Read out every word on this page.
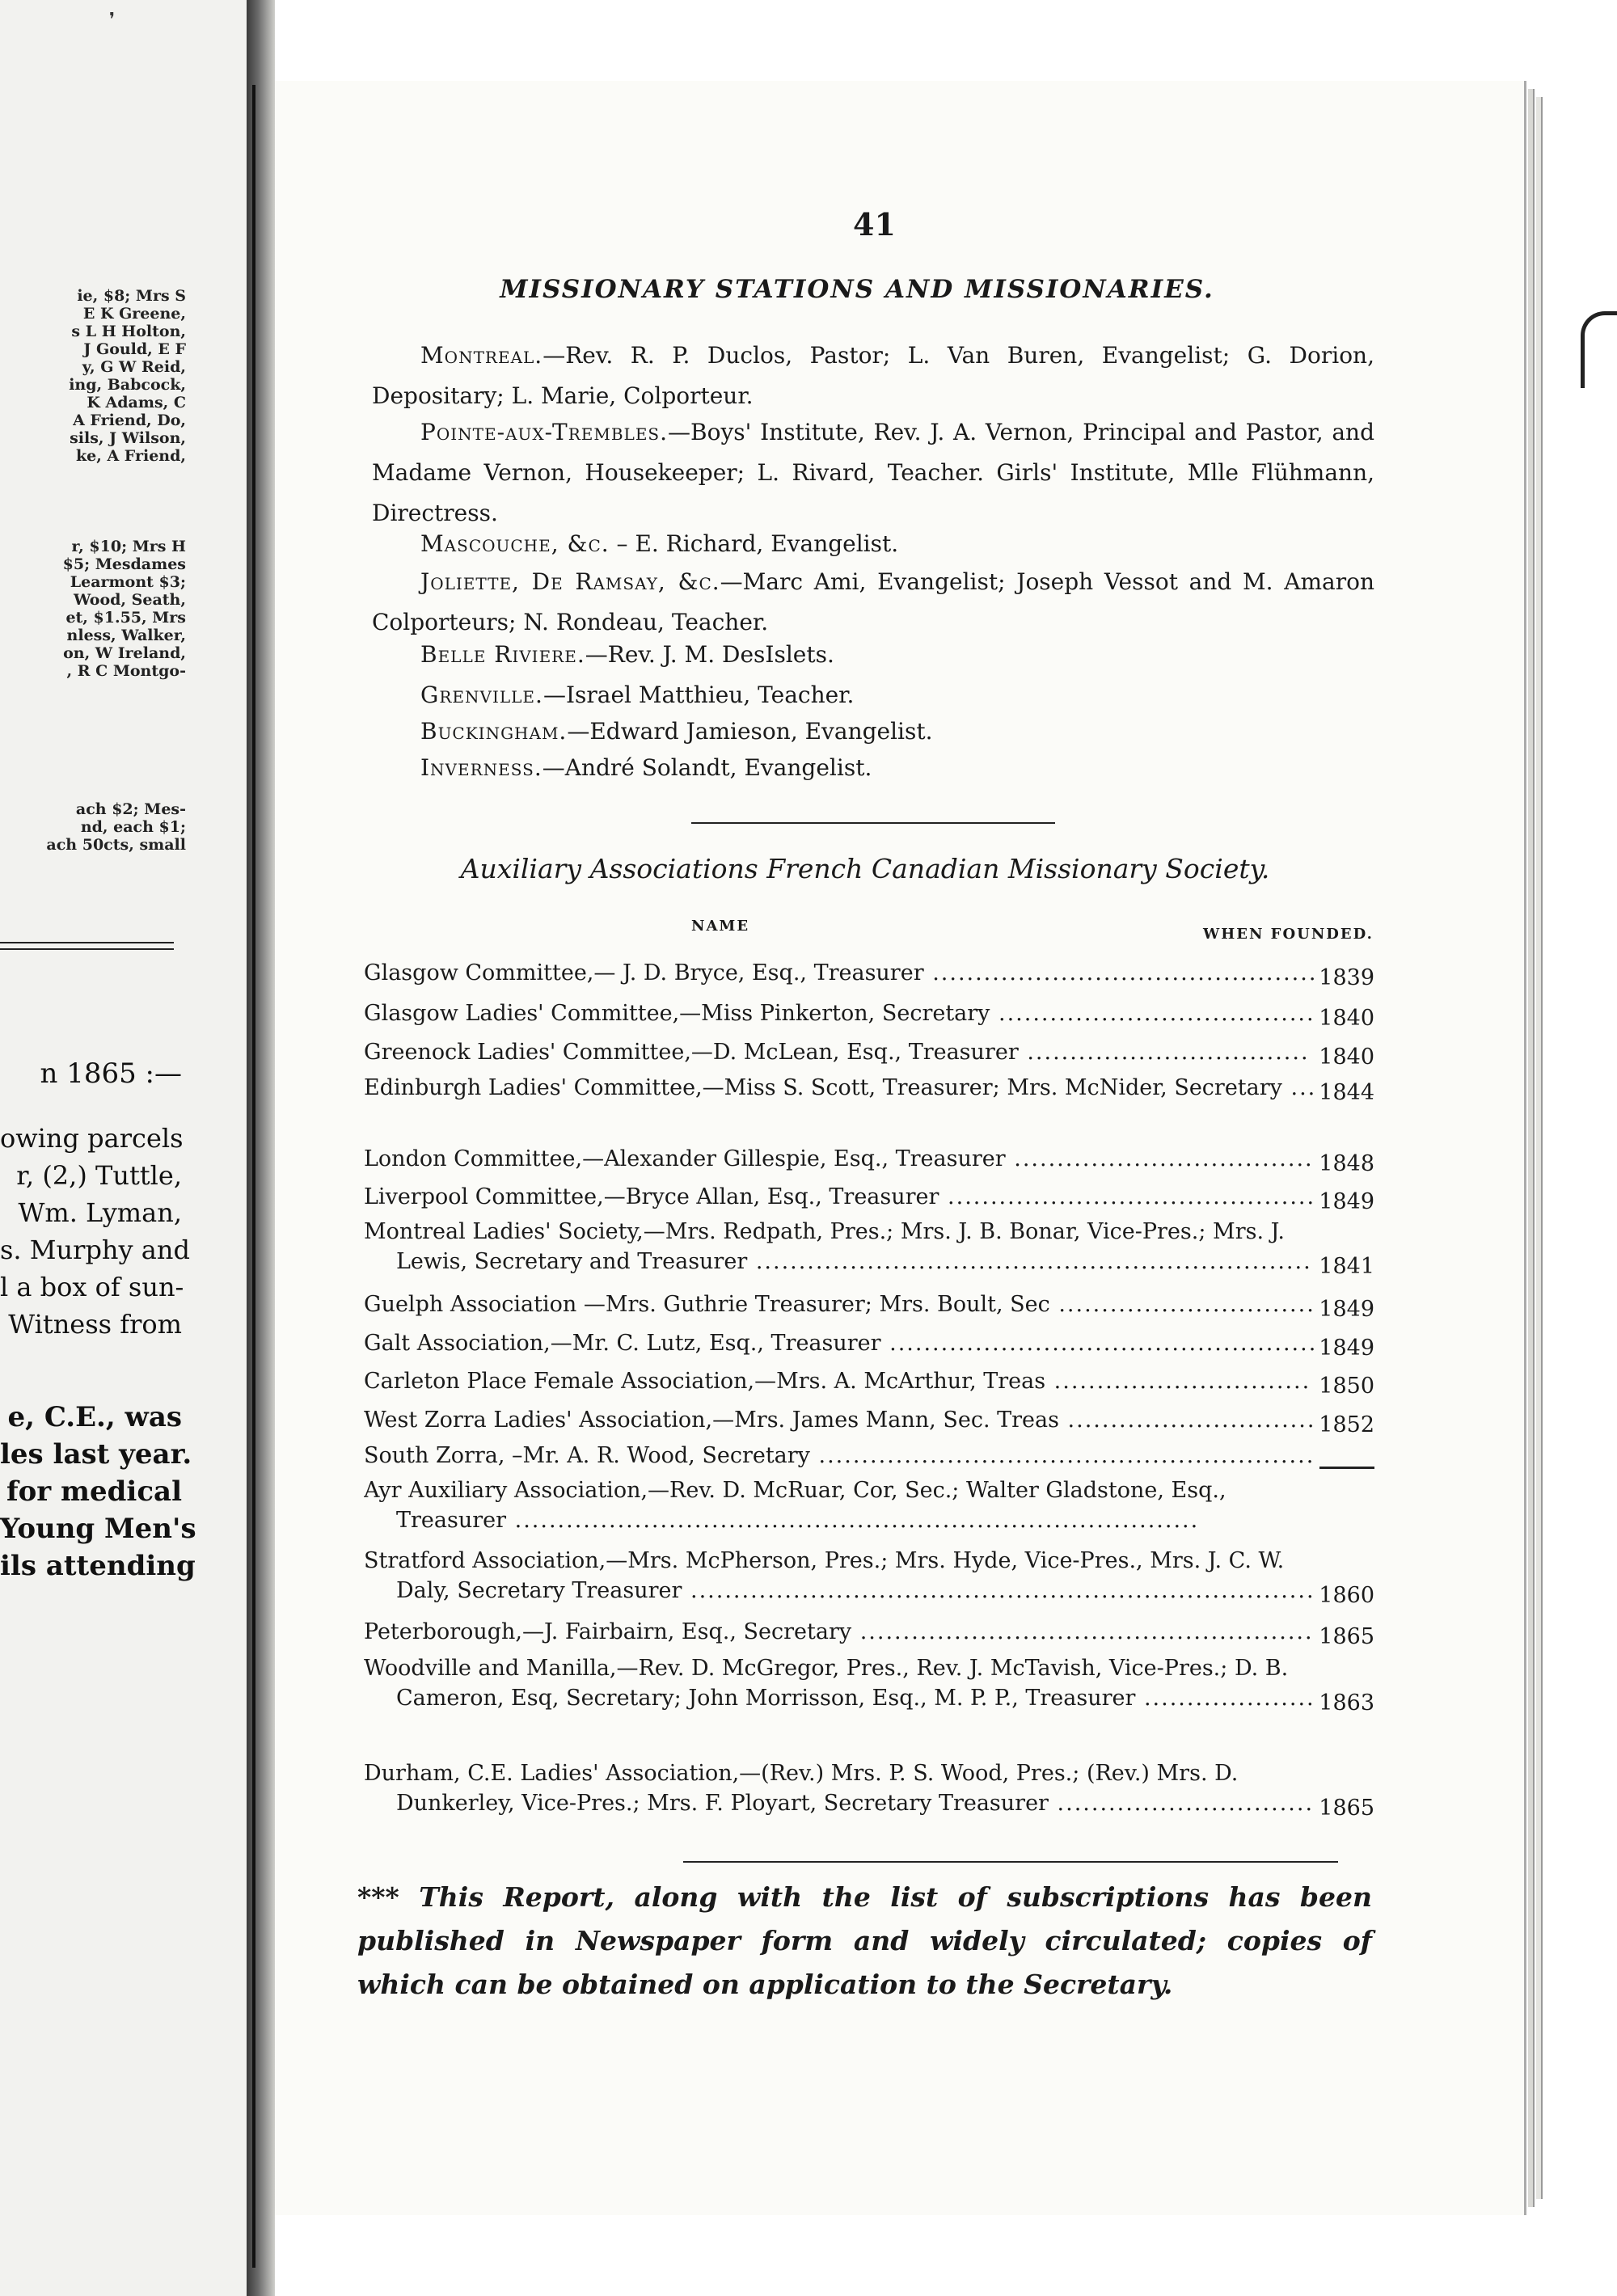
ie, $8; Mrs S
E K Greene,
s L H Holton,
J Gould, E F
y, G W Reid,
ing, Babcock,
K Adams, C
A Friend, Do,
sils, J Wilson,
ke, A Friend,
r, $10; Mrs H
$5; Mesdames
Learmont $3;
Wood, Seath,
et, $1.55, Mrs
nless, Walker,
on, W Ireland,
, R C Montgo-
ach $2; Mes-
nd, each $1;
ach 50cts, small
n 1865 :—
owing parcels
r, (2,) Tuttle,
Wm. Lyman,
s. Murphy and
l a box of sun-
Witness from
e, C.E., was
les last year.
for medical
Young Men's
ils attending
❜
41
MISSIONARY STATIONS AND MISSIONARIES.
Montreal.—Rev. R. P. Duclos, Pastor; L. Van Buren, Evangelist; G. Dorion, Depositary; L. Marie, Colporteur.
Pointe-aux-Trembles.—Boys' Institute, Rev. J. A. Vernon, Principal and Pastor, and Madame Vernon, Housekeeper; L. Rivard, Teacher. Girls' Institute, Mlle Flühmann, Directress.
Mascouche, &c. – E. Richard, Evangelist.
Joliette, De Ramsay, &c.—Marc Ami, Evangelist; Joseph Vessot and M. Amaron Colporteurs; N. Rondeau, Teacher.
Belle Riviere.—Rev. J. M. DesIslets.
Grenville.—Israel Matthieu, Teacher.
Buckingham.—Edward Jamieson, Evangelist.
Inverness.—André Solandt, Evangelist.
Auxiliary Associations French Canadian Missionary Society.
NAME	WHEN FOUNDED.
Glasgow Committee,— J. D. Bryce, Esq., Treasurer ............................................. 1839
Glasgow Ladies' Committee,—Miss Pinkerton, Secretary ..................................... 1840
Greenock Ladies' Committee,—D. McLean, Esq., Treasurer ................................. 1840
Edinburgh Ladies' Committee,—Miss S. Scott, Treasurer; Mrs. McNider, Secretary ... 1844
London Committee,—Alexander Gillespie, Esq., Treasurer ................................... 1848
Liverpool Committee,—Bryce Allan, Esq., Treasurer ........................................... 1849
Montreal Ladies' Society,—Mrs. Redpath, Pres.; Mrs. J. B. Bonar, Vice-Pres.; Mrs. J. Lewis, Secretary and Treasurer ................................................................. 1841
Guelph Association —Mrs. Guthrie Treasurer; Mrs. Boult, Sec .............................. 1849
Galt Association,—Mr. C. Lutz, Esq., Treasurer .................................................. 1849
Carleton Place Female Association,—Mrs. A. McArthur, Treas .............................. 1850
West Zorra Ladies' Association,—Mrs. James Mann, Sec. Treas ............................. 1852
South Zorra, –Mr. A. R. Wood, Secretary ..........................................................
Ayr Auxiliary Association,—Rev. D. McRuar, Cor, Sec.; Walter Gladstone, Esq., Treasurer ................................................................................
Stratford Association,—Mrs. McPherson, Pres.; Mrs. Hyde, Vice-Pres., Mrs. J. C. W. Daly, Secretary Treasurer ......................................................................... 1860
Peterborough,—J. Fairbairn, Esq., Secretary ..................................................... 1865
Woodville and Manilla,—Rev. D. McGregor, Pres., Rev. J. McTavish, Vice-Pres.; D. B. Cameron, Esq, Secretary; John Morrisson, Esq., M. P. P., Treasurer .................... 1863
Durham, C.E. Ladies' Association,—(Rev.) Mrs. P. S. Wood, Pres.; (Rev.) Mrs. D. Dunkerley, Vice-Pres.; Mrs. F. Ployart, Secretary Treasurer .............................. 1865
*** This Report, along with the list of subscriptions has been published in Newspaper form and widely circulated; copies of which can be obtained on application to the Secretary.
